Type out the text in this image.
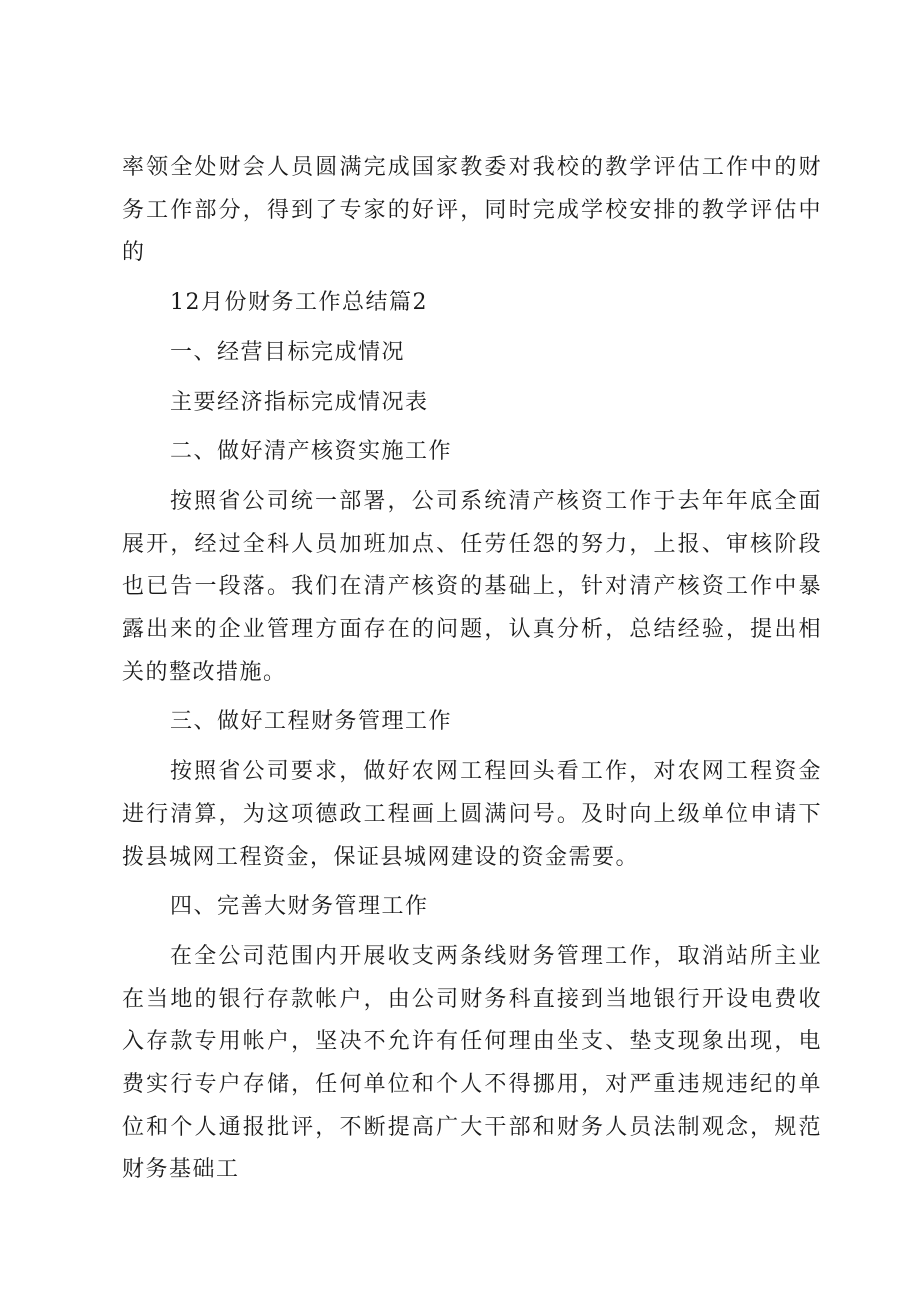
率领全处财会人员圆满完成国家教委对我校的教学评估工作中的财务工作部分，得到了专家的好评，同时完成学校安排的教学评估中的

12月份财务工作总结篇2

一、经营目标完成情况

主要经济指标完成情况表

二、做好清产核资实施工作

按照省公司统一部署，公司系统清产核资工作于去年年底全面展开，经过全科人员加班加点、任劳任怨的努力，上报、审核阶段也已告一段落。我们在清产核资的基础上，针对清产核资工作中暴露出来的企业管理方面存在的问题，认真分析，总结经验，提出相关的整改措施。

三、做好工程财务管理工作

按照省公司要求，做好农网工程回头看工作，对农网工程资金进行清算，为这项德政工程画上圆满问号。及时向上级单位申请下拨县城网工程资金，保证县城网建设的资金需要。

四、完善大财务管理工作

在全公司范围内开展收支两条线财务管理工作，取消站所主业在当地的银行存款帐户，由公司财务科直接到当地银行开设电费收入存款专用帐户，坚决不允许有任何理由坐支、垫支现象出现，电费实行专户存储，任何单位和个人不得挪用，对严重违规违纪的单位和个人通报批评，不断提高广大干部和财务人员法制观念，规范财务基础工
